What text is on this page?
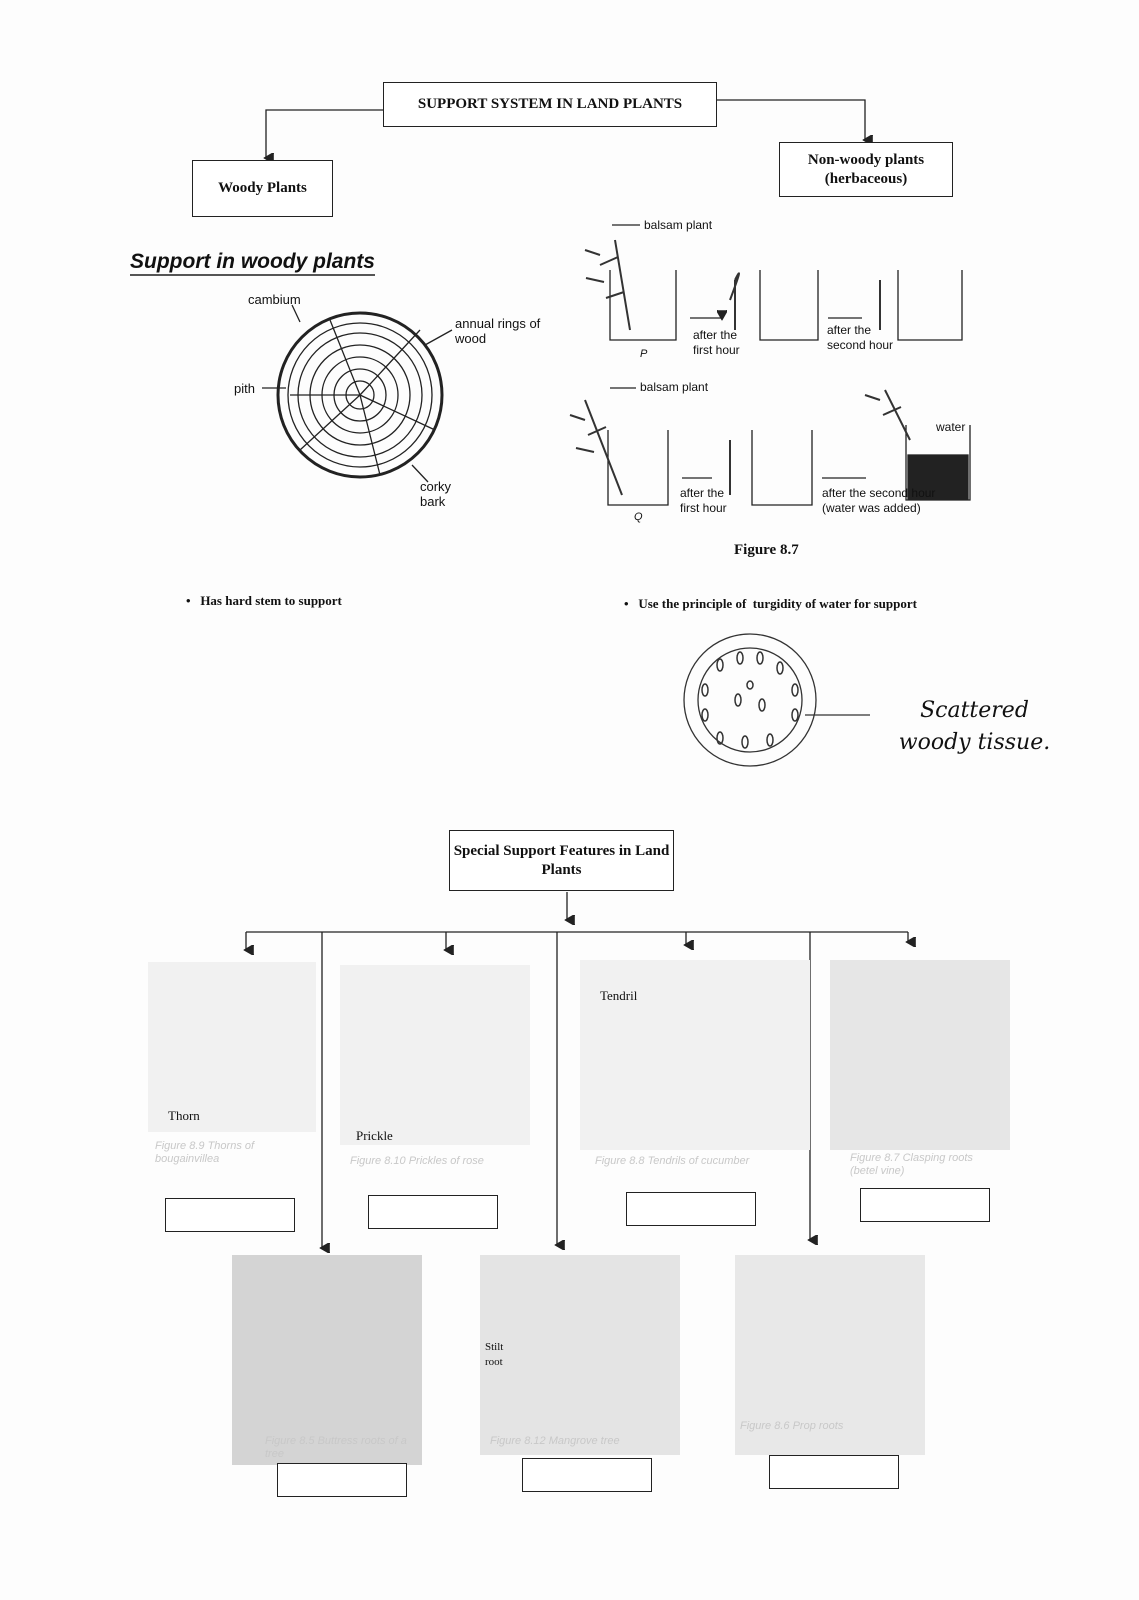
SUPPORT SYSTEM IN LAND PLANTS
Woody Plants
Non-woody plants (herbaceous)
Support in woody plants
cambium
annual rings of wood
pith
corky bark
balsam plant
P
after the first hour
after the second hour
balsam plant
Q
after the first hour
after the second hour (water was added)
water
Figure 8.7
•   Has hard stem to support	•   Use the principle of  turgidity of water for support
Scattered woody tissue.
Special Support Features in Land Plants
Thorn
Prickle
Tendril
Stilt root
Figure 8.9 Thorns of bougainvillea	Figure 8.10 Prickles of rose	Figure 8.8 Tendrils of cucumber	Figure 8.7 Clasping roots (betel vine)
Figure 8.5 Buttress roots of a tree
Figure 8.12 Mangrove tree
Figure 8.6 Prop roots
